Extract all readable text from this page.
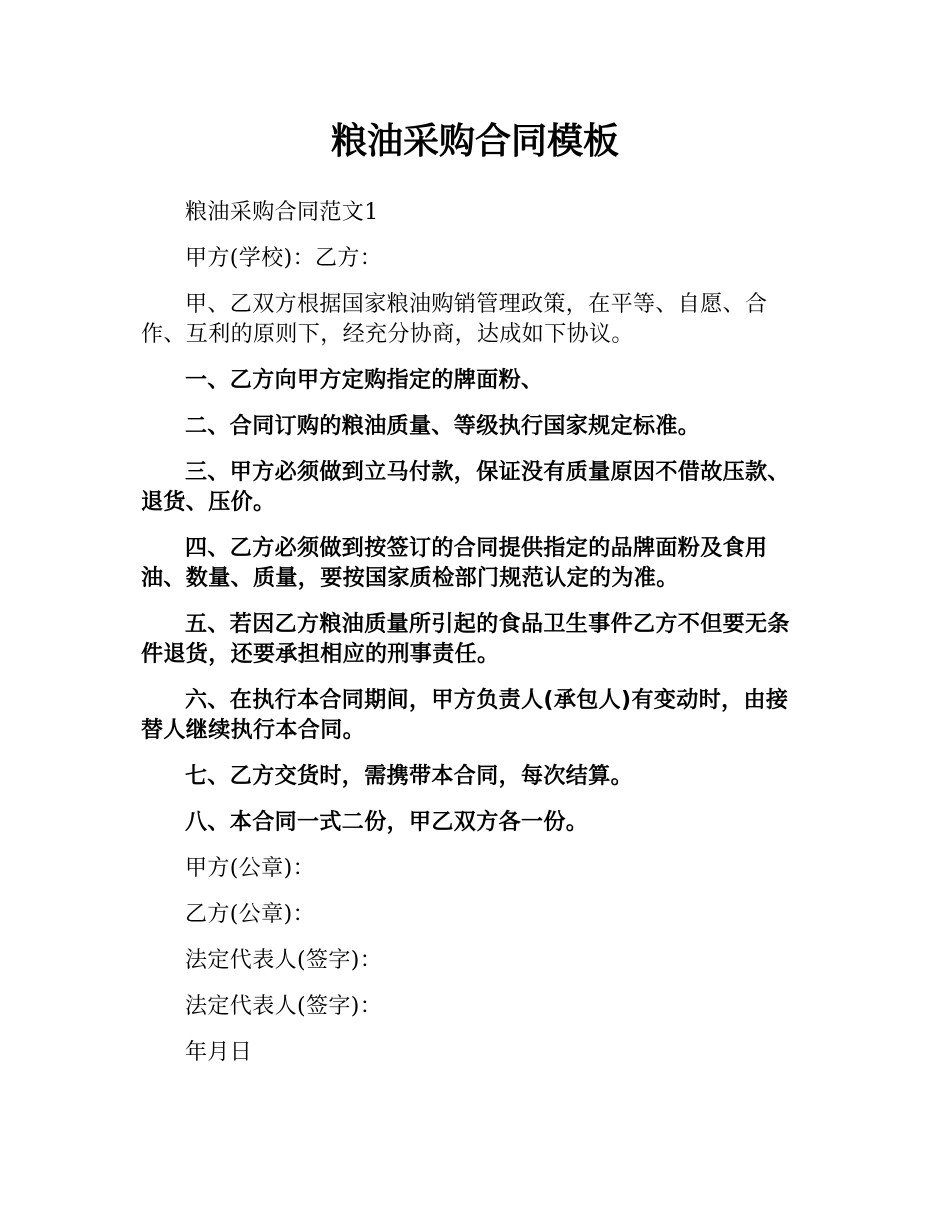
粮油采购合同模板

粮油采购合同范文1

甲方(学校)：乙方：

甲、乙双方根据国家粮油购销管理政策，在平等、自愿、合作、互利的原则下，经充分协商，达成如下协议。

一、乙方向甲方定购指定的牌面粉、

二、合同订购的粮油质量、等级执行国家规定标准。

三、甲方必须做到立马付款，保证没有质量原因不借故压款、退货、压价。

四、乙方必须做到按签订的合同提供指定的品牌面粉及食用油、数量、质量，要按国家质检部门规范认定的为准。

五、若因乙方粮油质量所引起的食品卫生事件乙方不但要无条件退货，还要承担相应的刑事责任。

六、在执行本合同期间，甲方负责人(承包人)有变动时，由接替人继续执行本合同。

七、乙方交货时，需携带本合同，每次结算。

八、本合同一式二份，甲乙双方各一份。

甲方(公章)：

乙方(公章)：

法定代表人(签字)：

法定代表人(签字)：

年月日
